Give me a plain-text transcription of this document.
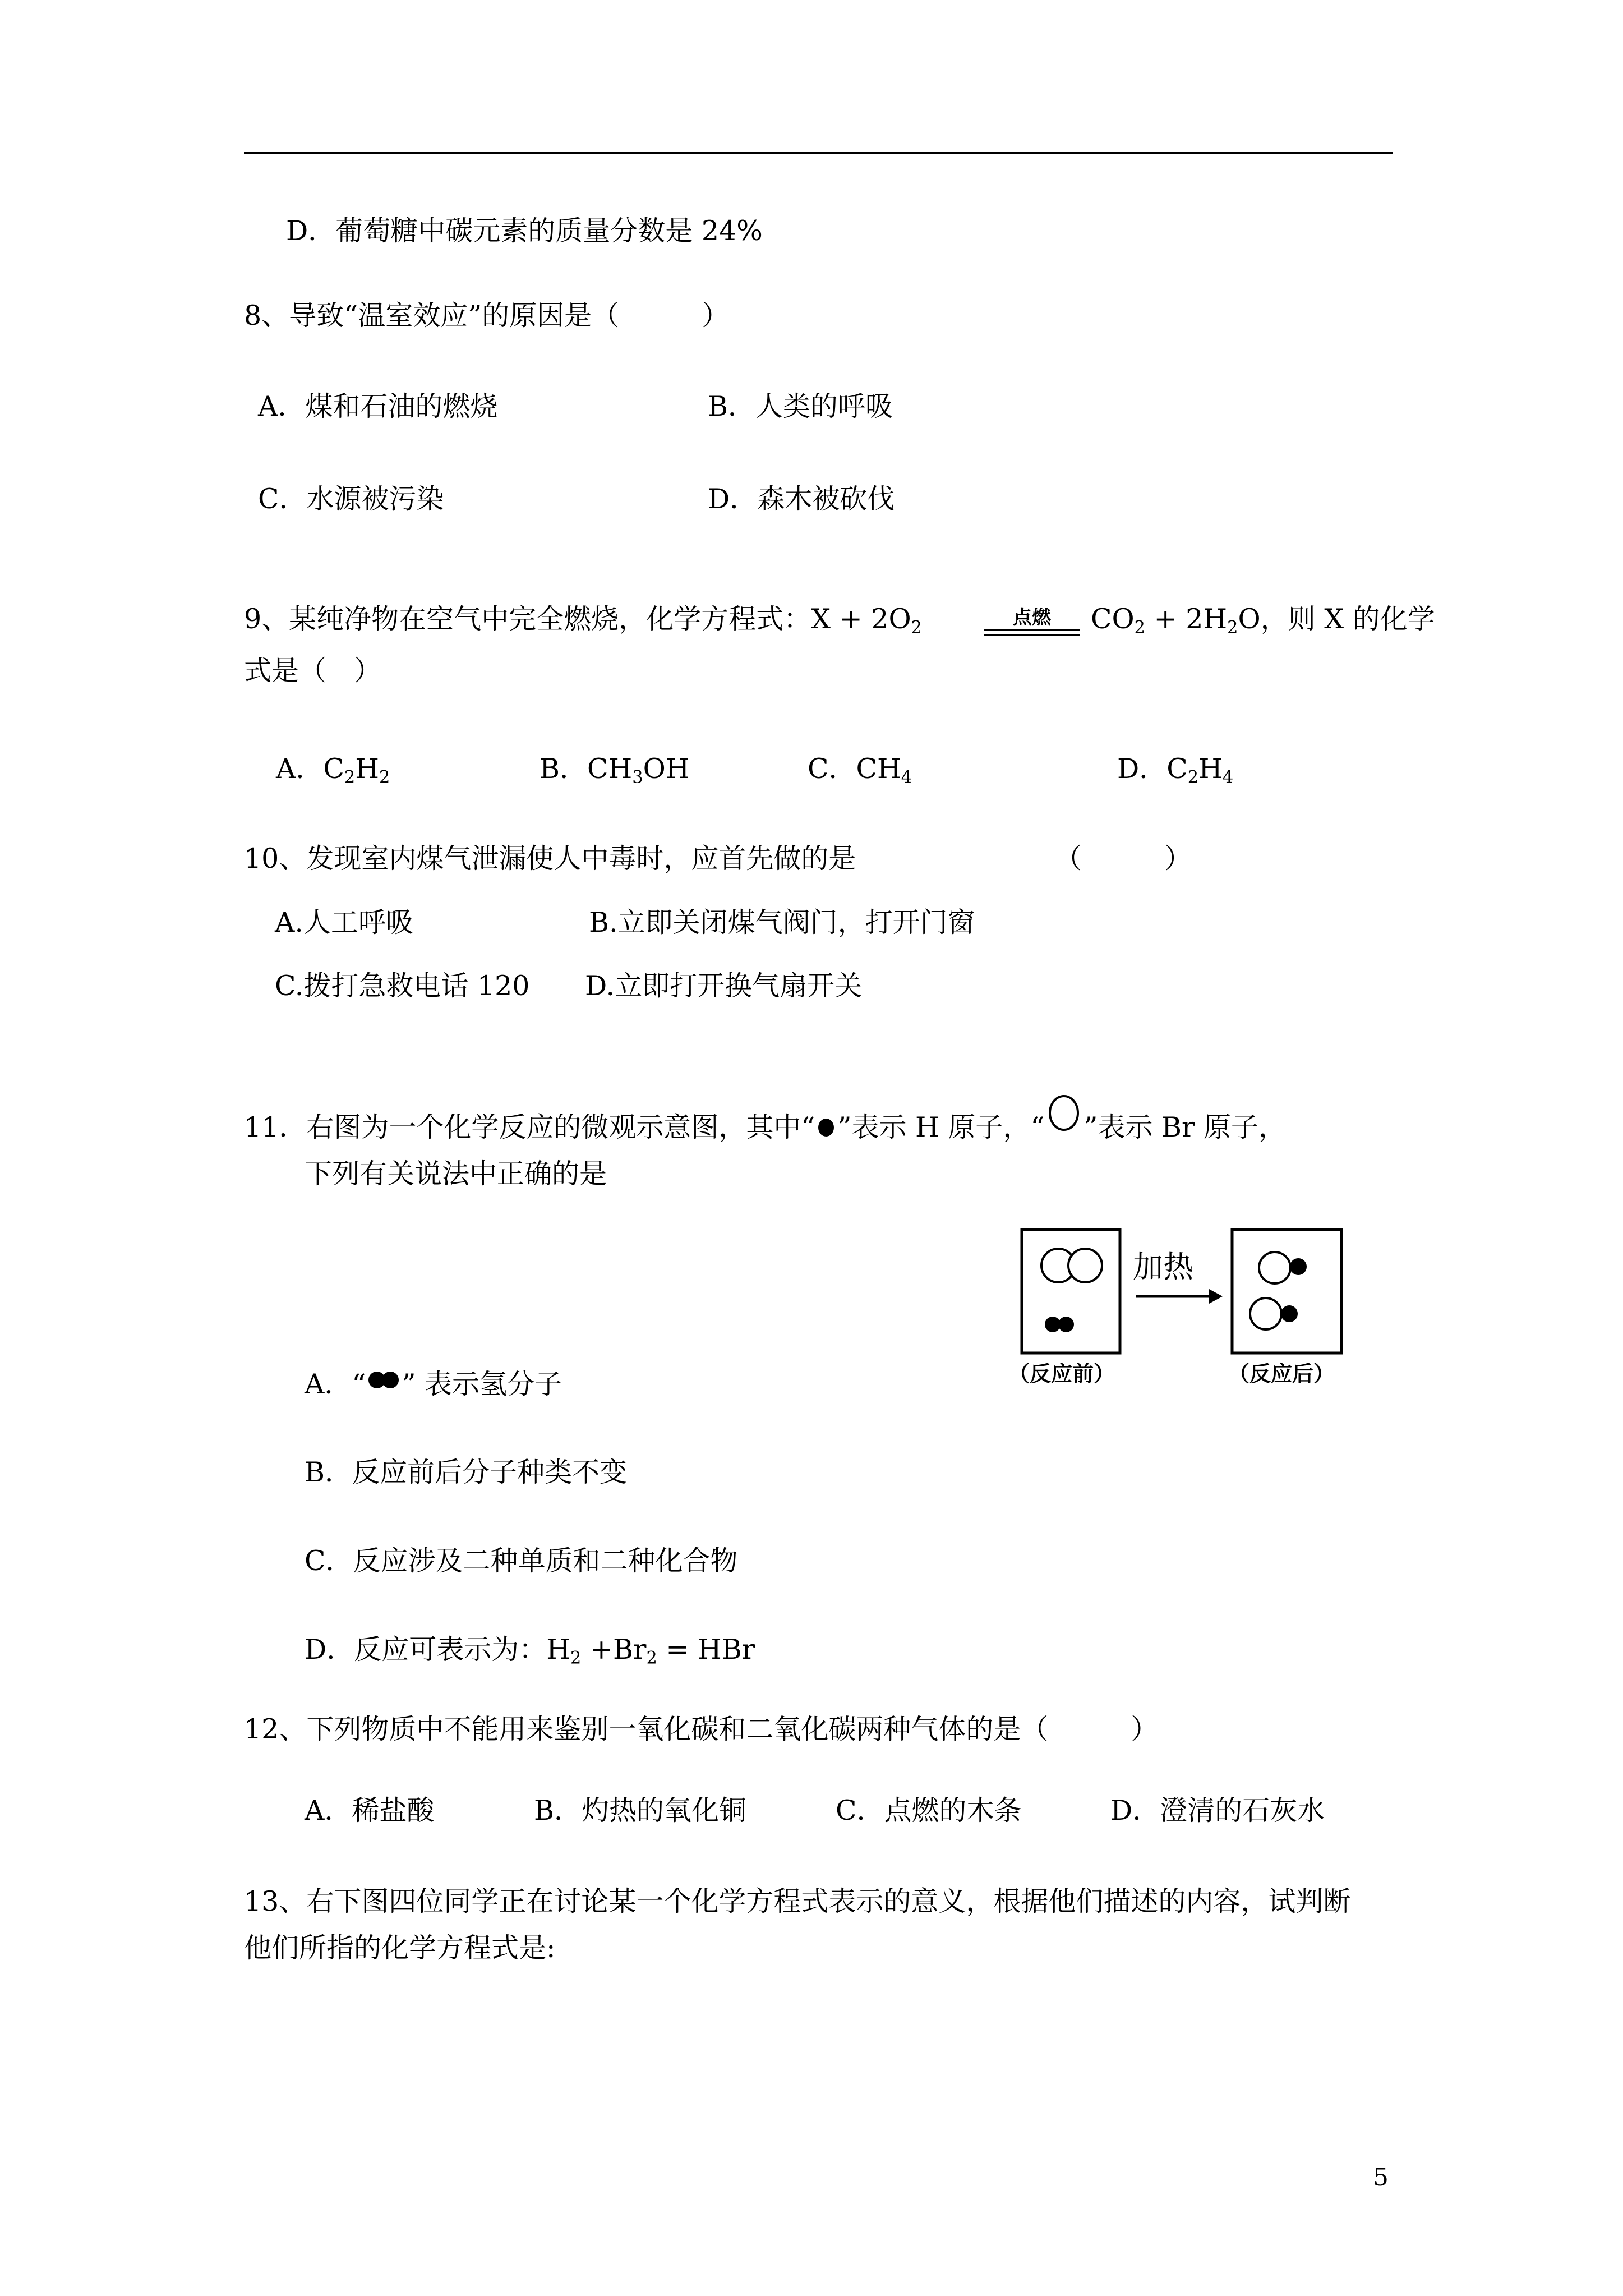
D．葡萄糖中碳元素的质量分数是 24%
8、导致“温室效应”的原因是（　　　）
A．煤和石油的燃烧	B．人类的呼吸
C．水源被污染	D．森木被砍伐
9、某纯净物在空气中完全燃烧，化学方程式：$X + 2O_2$	点燃	$CO_2 + 2H_2O$，则 X 的化学
式是（　）
A．$C_2H_2$	B．$CH_3OH$	C．$CH_4$	D．$C_2H_4$
10、发现室内煤气泄漏使人中毒时，应首先做的是	（　　　）
A.人工呼吸	B.立即关闭煤气阀门，打开门窗
C.拨打急救电话 120 D.立即打开换气扇开关
11．右图为一个化学反应的微观示意图，其中“ ”表示 H 原子，“ ”表示 Br 原子，
下列有关说法中正确的是
加热
（反应前）	（反应后）
A．“ ” 表示氢分子
B．反应前后分子种类不变
C．反应涉及二种单质和二种化合物
D．反应可表示为：$H_2 +Br_2$ = HBr
12、下列物质中不能用来鉴别一氧化碳和二氧化碳两种气体的是（　　　）
A．稀盐酸	B．灼热的氧化铜	C．点燃的木条	D．澄清的石灰水
13、右下图四位同学正在讨论某一个化学方程式表示的意义，根据他们描述的内容，试判断
他们所指的化学方程式是:
5
